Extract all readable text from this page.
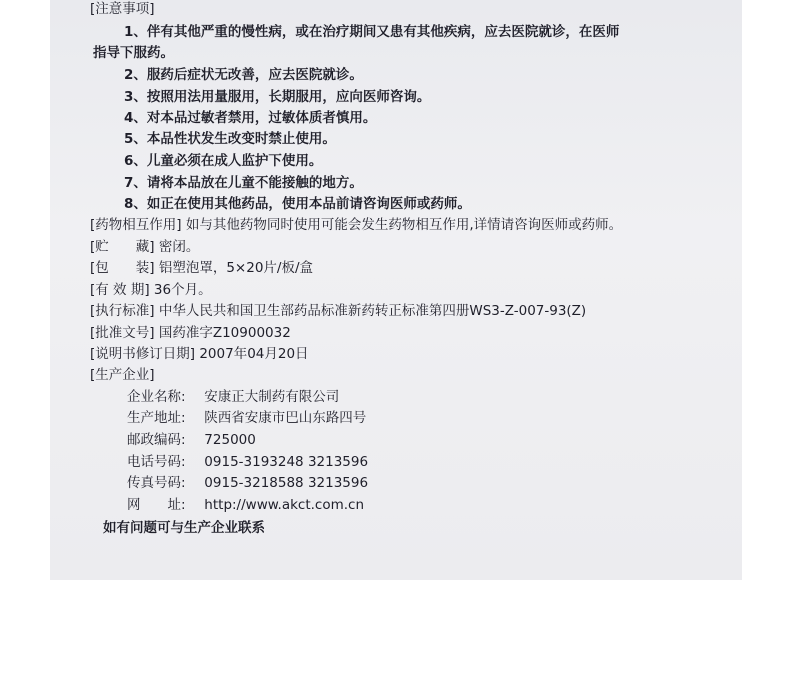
[注意事项]
1、伴有其他严重的慢性病，或在治疗期间又患有其他疾病，应去医院就诊，在医师
指导下服药。
2、服药后症状无改善，应去医院就诊。
3、按照用法用量服用，长期服用，应向医师咨询。
4、对本品过敏者禁用，过敏体质者慎用。
5、本品性状发生改变时禁止使用。
6、儿童必须在成人监护下使用。
7、请将本品放在儿童不能接触的地方。
8、如正在使用其他药品，使用本品前请咨询医师或药师。
[药物相互作用] 如与其他药物同时使用可能会发生药物相互作用,详情请咨询医师或药师。
[贮　　藏] 密闭。
[包　　装] 铝塑泡罩，5×20片/板/盒
[有 效 期] 36个月。
[执行标准] 中华人民共和国卫生部药品标准新药转正标准第四册WS3-Z-007-93(Z)
[批准文号] 国药准字Z10900032
[说明书修订日期] 2007年04月20日
[生产企业]
企业名称: 安康正大制药有限公司
生产地址: 陕西省安康市巴山东路四号
邮政编码: 725000
电话号码: 0915-3193248 3213596
传真号码: 0915-3218588 3213596
网　　址: http://www.akct.com.cn
如有问题可与生产企业联系
